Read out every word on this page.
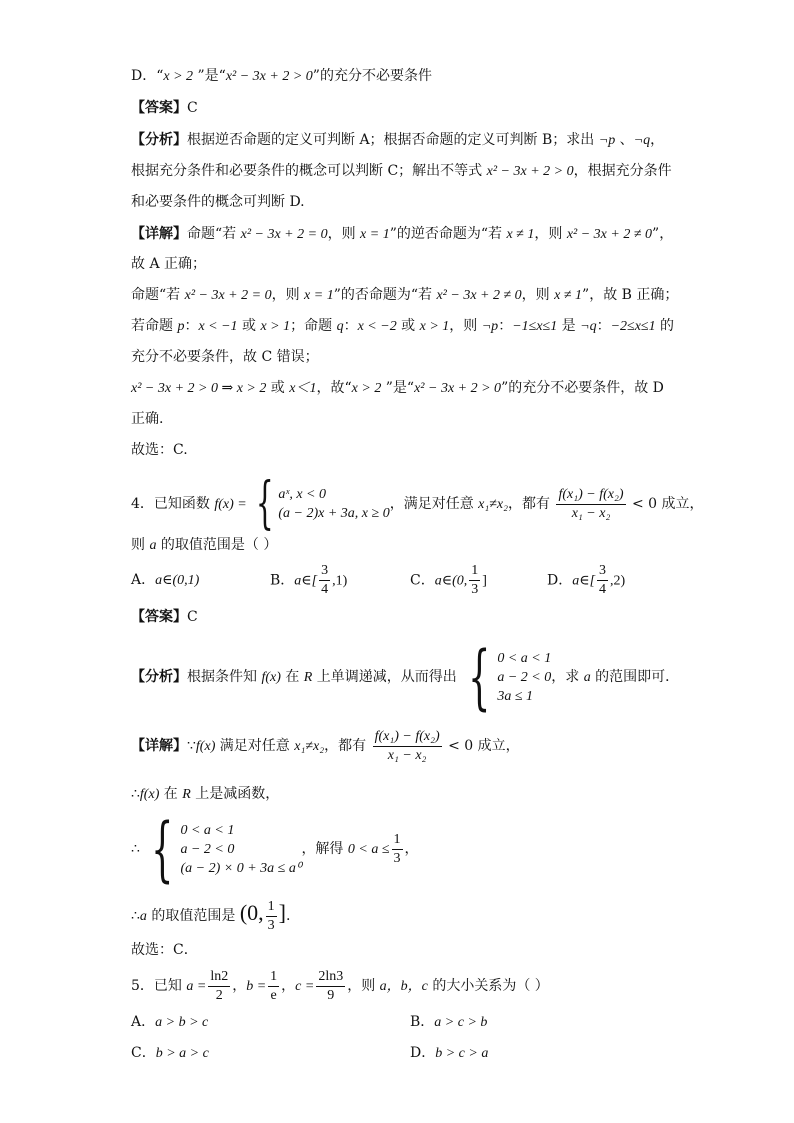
D．“x > 2 ”是“x² − 3x + 2 > 0”的充分不必要条件
【答案】C
【分析】根据逆否命题的定义可判断 A；根据否命题的定义可判断 B；求出 ¬p 、¬q，
根据充分条件和必要条件的概念可以判断 C；解出不等式 x² − 3x + 2 > 0，根据充分条件
和必要条件的概念可判断 D.
【详解】命题“若 x² − 3x + 2 = 0，则 x = 1”的逆否命题为“若 x ≠ 1，则 x² − 3x + 2 ≠ 0”，
故 A 正确；
命题“若 x² − 3x + 2 = 0，则 x = 1”的否命题为“若 x² − 3x + 2 ≠ 0，则 x ≠ 1”，故 B 正确；
若命题 p：x < −1 或 x > 1；命题 q：x < −2 或 x > 1，则 ¬p：−1≤x≤1 是 ¬q：−2≤x≤1 的
充分不必要条件，故 C 错误；
x² − 3x + 2 > 0 ⇒ x > 2 或 x＜1，故“x > 2 ”是“x² − 3x + 2 > 0”的充分不必要条件，故 D
正确.
故选：C.
4．已知函数 f(x) = { aˣ, x < 0
(a − 2)x + 3a, x ≥ 0
，满足对任意 x₁≠x₂，都有 $\frac{\text{f(x₁) − f(x₂)}}{\text{x₁ − x₂}} < 0$ 成立，
则 a 的取值范围是（ ）
A．a∈(0,1)	B．a∈[ $\frac{3}{4} ,1$)	C．a∈(0, $\frac{1}{3}$ ]	D．a∈[ $\frac{3}{4} ,2$)
【答案】C
【分析】根据条件知 f(x) 在 R 上单调递减，从而得出 { 0 < a < 1
a − 2 < 0
3a ≤ 1
，求 a 的范围即可．
【详解】∵f(x) 满足对任意 x₁≠x₂，都有 $\frac{\text{f(x₁) − f(x₂)}}{\text{x₁ − x₂}} < 0$ 成立，
∴f(x) 在 R 上是减函数，
∴ { 0 < a < 1
a − 2 < 0
(a − 2) × 0 + 3a ≤ a⁰
，解得 $0 < a \le \frac{1}{3}$ ，
∴a 的取值范围是 (0, $\frac{1}{3}$ ].
故选：C．
5．已知 $a = \frac{\ln 2}{2}$ ，$b = \frac{1}{e}$ ，$c = \frac{2\ln 3}{9}$ ，则 a，b，c 的大小关系为（ ）
A．a > b > c	B．a > c > b
C．b > a > c	D．b > c > a
